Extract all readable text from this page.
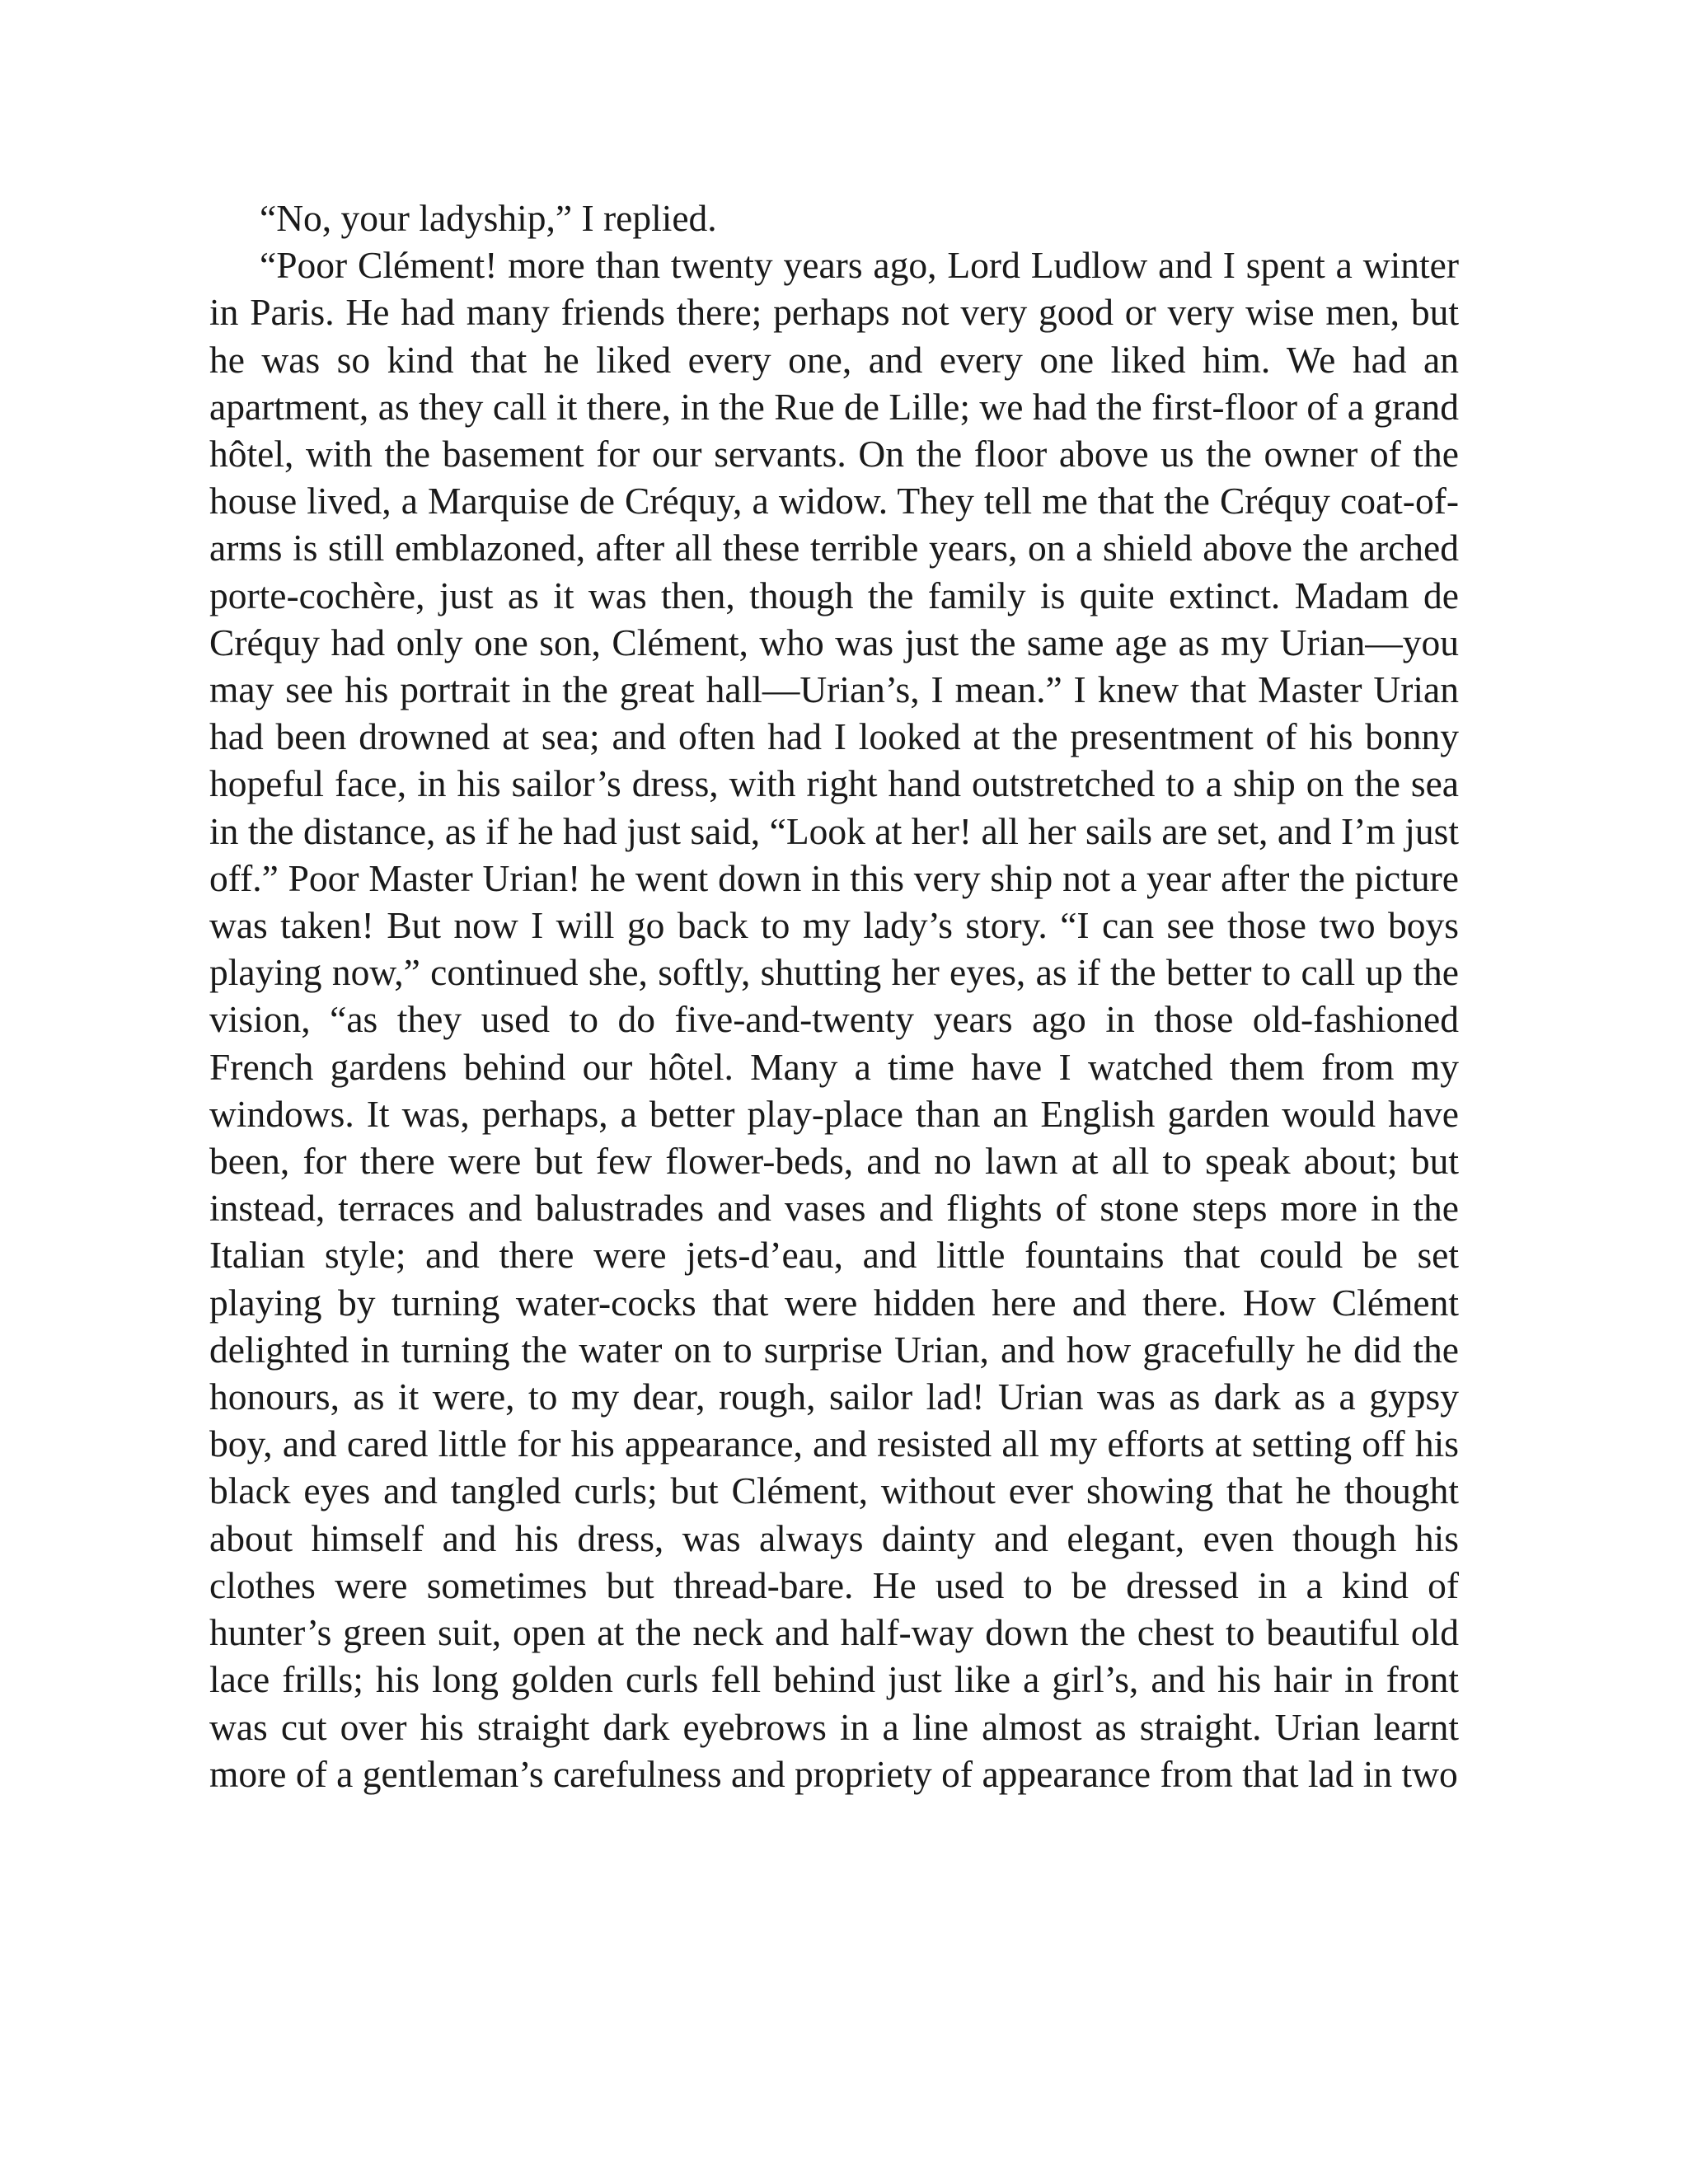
“No, your ladyship,” I replied.

“Poor Clément! more than twenty years ago, Lord Ludlow and I spent a winter in Paris. He had many friends there; perhaps not very good or very wise men, but he was so kind that he liked every one, and every one liked him. We had an apartment, as they call it there, in the Rue de Lille; we had the first-floor of a grand hôtel, with the basement for our servants. On the floor above us the owner of the house lived, a Marquise de Créquy, a widow. They tell me that the Créquy coat-of-arms is still emblazoned, after all these terrible years, on a shield above the arched porte-cochère, just as it was then, though the family is quite extinct. Madam de Créquy had only one son, Clément, who was just the same age as my Urian—you may see his portrait in the great hall—Urian’s, I mean.” I knew that Master Urian had been drowned at sea; and often had I looked at the presentment of his bonny hopeful face, in his sailor’s dress, with right hand outstretched to a ship on the sea in the distance, as if he had just said, “Look at her! all her sails are set, and I’m just off.” Poor Master Urian! he went down in this very ship not a year after the picture was taken! But now I will go back to my lady’s story. “I can see those two boys playing now,” continued she, softly, shutting her eyes, as if the better to call up the vision, “as they used to do five-and-twenty years ago in those old-fashioned French gardens behind our hôtel. Many a time have I watched them from my windows. It was, perhaps, a better play-place than an English garden would have been, for there were but few flower-beds, and no lawn at all to speak about; but instead, terraces and balustrades and vases and flights of stone steps more in the Italian style; and there were jets-d’eau, and little fountains that could be set playing by turning water-cocks that were hidden here and there. How Clément delighted in turning the water on to surprise Urian, and how gracefully he did the honours, as it were, to my dear, rough, sailor lad! Urian was as dark as a gypsy boy, and cared little for his appearance, and resisted all my efforts at setting off his black eyes and tangled curls; but Clément, without ever showing that he thought about himself and his dress, was always dainty and elegant, even though his clothes were sometimes but thread-bare. He used to be dressed in a kind of hunter’s green suit, open at the neck and half-way down the chest to beautiful old lace frills; his long golden curls fell behind just like a girl’s, and his hair in front was cut over his straight dark eyebrows in a line almost as straight. Urian learnt more of a gentleman’s carefulness and propriety of appearance from that lad in two
